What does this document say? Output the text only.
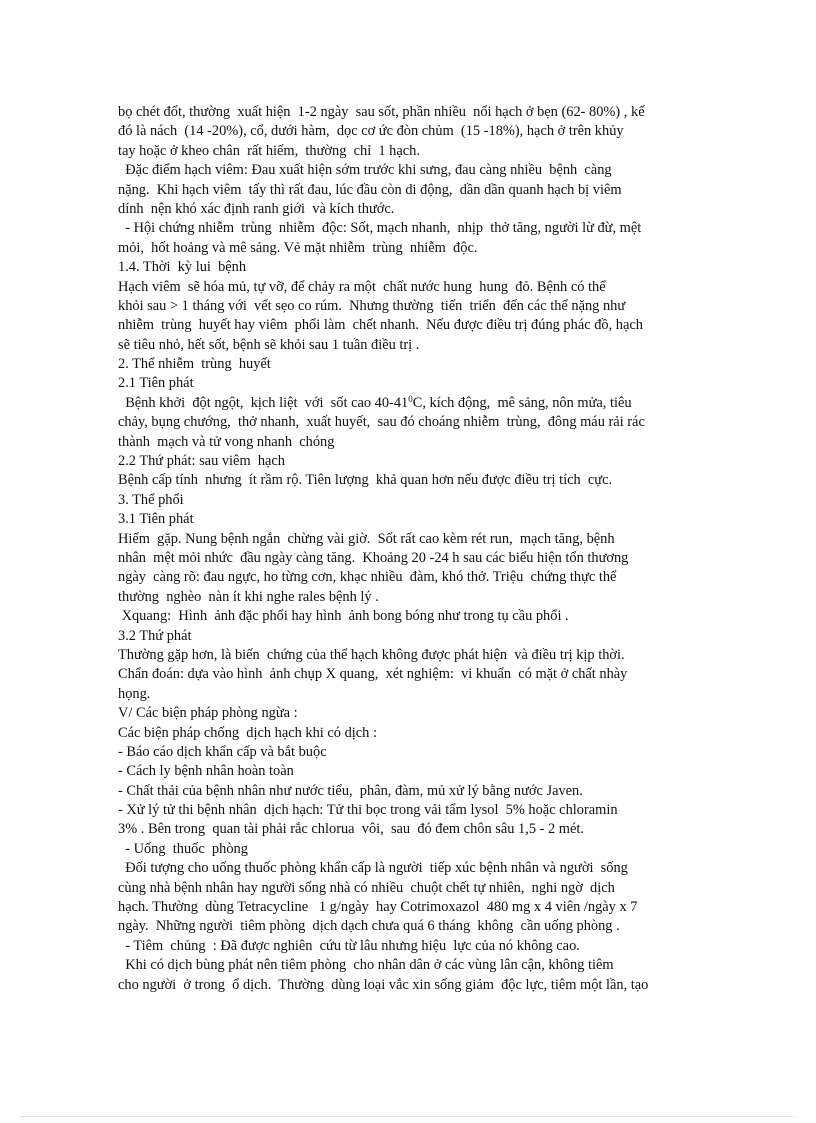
bọ chét đốt, thường  xuất hiện  1-2 ngày  sau sốt, phần nhiều  nổi hạch ở bẹn (62- 80%) , kế
đó là nách  (14 -20%), cổ, dưới hàm,  dọc cơ ức đòn chủm  (15 -18%), hạch ở trên khủy
tay hoặc ở kheo chân  rất hiếm,  thường  chỉ  1 hạch.
Đặc điểm hạch viêm: Đau xuất hiện sớm trước khi sưng, đau càng nhiều  bệnh  càng
nặng.  Khi hạch viêm  tấy thì rất đau, lúc đầu còn di động,  dần dần quanh hạch bị viêm
dính  nện khó xác định ranh giới  và kích thước.
- Hội chứng nhiễm  trùng  nhiễm  độc: Sốt, mạch nhanh,  nhịp  thở tăng, người lừ đừ, mệt
mỏi,  hốt hoảng và mê sảng. Vẻ mặt nhiễm  trùng  nhiễm  độc.
1.4. Thời  kỳ lui  bệnh
Hạch viêm  sẽ hóa mủ, tự vỡ, để chảy ra một  chất nước hung  hung  đỏ. Bệnh có thể
khỏi sau > 1 tháng với  vết sẹo co rúm.  Nhưng thường  tiến  triển  đến các thể nặng như
nhiễm  trùng  huyết hay viêm  phổi làm  chết nhanh.  Nếu được điều trị đúng phác đồ, hạch
sẽ tiêu nhỏ, hết sốt, bệnh sẽ khỏi sau 1 tuần điều trị .
2. Thể nhiễm  trùng  huyết
2.1 Tiên phát
Bệnh khởi  đột ngột,  kịch liệt  với  sốt cao $40-41^0C$, kích động,  mê sảng, nôn mửa, tiêu
chảy, bụng chướng,  thở nhanh,  xuất huyết,  sau đó choáng nhiễm  trùng,  đông máu rải rác
thành  mạch và tử vong nhanh  chóng
2.2 Thứ phát: sau viêm  hạch
Bệnh cấp tính  nhưng  ít rầm rộ. Tiên lượng  khả quan hơn nếu được điều trị tích  cực.
3. Thể phổi
3.1 Tiên phát
Hiếm  gặp. Nung bệnh ngắn  chừng vài giờ.  Sốt rất cao kèm rét run,  mạch tăng, bệnh
nhân  mệt mỏi nhức  đầu ngày càng tăng.  Khoảng 20 -24 h sau các biểu hiện tổn thương
ngày  càng rõ: đau ngực, ho từng cơn, khạc nhiều  đàm, khó thở. Triệu  chứng thực thể
thường  nghèo  nàn ít khi nghe rales bệnh lý .
Xquang:  Hình  ảnh đặc phổi hay hình  ảnh bong bóng như trong tụ cầu phổi .
3.2 Thứ phát
Thường gặp hơn, là biến  chứng của thể hạch không được phát hiện  và điều trị kịp thời.
Chẩn đoán: dựa vào hình  ảnh chụp X quang,  xét nghiệm:  vi khuẩn  có mặt ở chất nhày
họng.
V/ Các biện pháp phòng ngừa :
Các biện pháp chống  dịch hạch khi có dịch :
- Báo cáo dịch khẩn cấp và bắt buộc
- Cách ly bệnh nhân hoàn toàn
- Chất thải của bệnh nhân như nước tiểu,  phân, đàm, mủ xử lý bằng nước Javen.
- Xử lý tử thi bệnh nhân  dịch hạch: Tử thi bọc trong vải tẩm lysol  5% hoặc chloramin
3% . Bên trong  quan tài phải rắc chlorua  vôi,  sau  đó đem chôn sâu 1,5 - 2 mét.
- Uống  thuốc  phòng
Đối tượng cho uống thuốc phòng khẩn cấp là người  tiếp xúc bệnh nhân và người  sống
cùng nhà bệnh nhân hay người sống nhà có nhiều  chuột chết tự nhiên,  nghi ngờ  dịch
hạch. Thường  dùng Tetracycline   1 g/ngày  hay Cotrimoxazol  480 mg x 4 viên /ngày x 7
ngày.  Những người  tiêm phòng  dịch dạch chưa quá 6 tháng  không  cần uống phòng .
- Tiêm  chủng  : Đã được nghiên  cứu từ lâu nhưng hiệu  lực của nó không cao.
Khi có dịch bùng phát nên tiêm phòng  cho nhân dân ở các vùng lân cận, không tiêm
cho người  ở trong  ổ dịch.  Thường  dùng loại vắc xin sống giảm  độc lực, tiêm một lần, tạo
